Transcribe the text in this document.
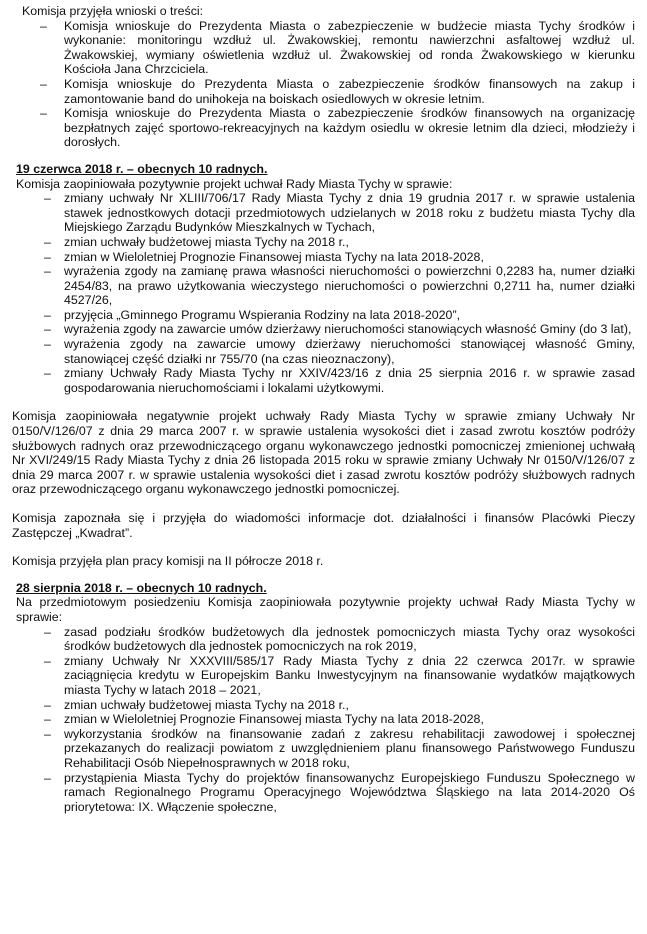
Komisja przyjęła wnioski o treści:

– Komisja wnioskuje do Prezydenta Miasta o zabezpieczenie w budżecie miasta Tychy środków i wykonanie: monitoringu wzdłuż ul. Żwakowskiej, remontu nawierzchni asfaltowej wzdłuż ul. Żwakowskiej, wymiany oświetlenia wzdłuż ul. Żwakowskiej od ronda Żwakowskiego w kierunku Kościoła Jana Chrzciciela.
– Komisja wnioskuje do Prezydenta Miasta o zabezpieczenie środków finansowych na zakup i zamontowanie band do unihokeja na boiskach osiedlowych w okresie letnim.
– Komisja wnioskuje do Prezydenta Miasta o zabezpieczenie środków finansowych na organizację bezpłatnych zajęć sportowo-rekreacyjnych na każdym osiedlu w okresie letnim dla dzieci, młodzieży i dorosłych.

19 czerwca 2018 r. – obecnych 10 radnych.

Komisja zaopiniowała pozytywnie projekt uchwał Rady Miasta Tychy w sprawie:

– zmiany uchwały Nr XLIII/706/17 Rady Miasta Tychy z dnia 19 grudnia 2017 r. w sprawie ustalenia stawek jednostkowych dotacji przedmiotowych udzielanych w 2018 roku z budżetu miasta Tychy dla Miejskiego Zarządu Budynków Mieszkalnych w Tychach,
– zmian uchwały budżetowej miasta Tychy na 2018 r.,
– zmian w Wieloletniej Prognozie Finansowej miasta Tychy na lata 2018-2028,
– wyrażenia zgody na zamianę prawa własności nieruchomości o powierzchni 0,2283 ha, numer działki 2454/83, na prawo użytkowania wieczystego nieruchomości o powierzchni 0,2711 ha, numer działki 4527/26,
– przyjęcia „Gminnego Programu Wspierania Rodziny na lata 2018-2020”,
– wyrażenia zgody na zawarcie umów dzierżawy nieruchomości stanowiących własność Gminy (do 3 lat),
– wyrażenia zgody na zawarcie umowy dzierżawy nieruchomości stanowiącej własność Gminy, stanowiącej część działki nr 755/70 (na czas nieoznaczony),
– zmiany Uchwały Rady Miasta Tychy nr XXIV/423/16 z dnia 25 sierpnia 2016 r. w sprawie zasad gospodarowania nieruchomościami i lokalami użytkowymi.

Komisja zaopiniowała negatywnie projekt uchwały Rady Miasta Tychy w sprawie zmiany Uchwały Nr 0150/V/126/07 z dnia 29 marca 2007 r. w sprawie ustalenia wysokości diet i zasad zwrotu kosztów podróży służbowych radnych oraz przewodniczącego organu wykonawczego jednostki pomocniczej zmienionej uchwałą Nr XVI/249/15 Rady Miasta Tychy z dnia 26 listopada 2015 roku w sprawie zmiany Uchwały Nr 0150/V/126/07 z dnia 29 marca 2007 r. w sprawie ustalenia wysokości diet i zasad zwrotu kosztów podróży służbowych radnych oraz przewodniczącego organu wykonawczego jednostki pomocniczej.

Komisja zapoznała się i przyjęła do wiadomości informacje dot. działalności i finansów Placówki Pieczy Zastępczej „Kwadrat”.

Komisja przyjęła plan pracy komisji na II półrocze 2018 r.

28 sierpnia 2018 r. – obecnych 10 radnych.

Na przedmiotowym posiedzeniu Komisja zaopiniowała pozytywnie projekty uchwał Rady Miasta Tychy w sprawie:

– zasad podziału środków budżetowych dla jednostek pomocniczych miasta Tychy oraz wysokości środków budżetowych dla jednostek pomocniczych na rok 2019,
– zmiany Uchwały Nr XXXVIII/585/17 Rady Miasta Tychy z dnia 22 czerwca 2017r. w sprawie zaciągnięcia kredytu w Europejskim Banku Inwestycyjnym na finansowanie wydatków majątkowych miasta Tychy w latach 2018 – 2021,
– zmian uchwały budżetowej miasta Tychy na 2018 r.,
– zmian w Wieloletniej Prognozie Finansowej miasta Tychy na lata 2018-2028,
– wykorzystania środków na finansowanie zadań z zakresu rehabilitacji zawodowej i społecznej przekazanych do realizacji powiatom z uwzględnieniem planu finansowego Państwowego Funduszu Rehabilitacji Osób Niepełnosprawnych w 2018 roku,
– przystąpienia Miasta Tychy do projektów finansowanychz Europejskiego Funduszu Społecznego w ramach Regionalnego Programu Operacyjnego Województwa Śląskiego na lata 2014-2020 Oś priorytetowa: IX. Włączenie społeczne,
